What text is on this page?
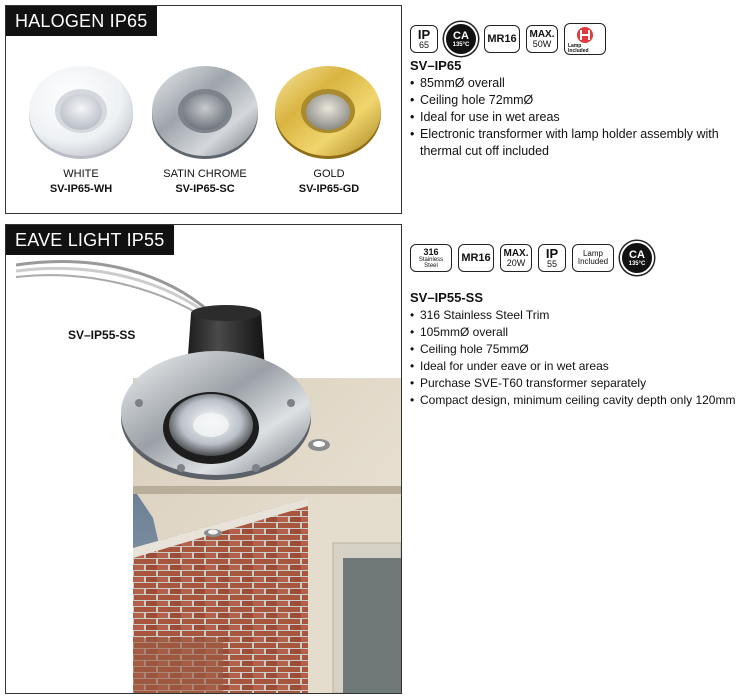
HALOGEN IP65
WHITE
SV-IP65-WH
SATIN CHROME
SV-IP65-SC
GOLD
SV-IP65-GD
IP
65
CA
135°C
MR16	MAX.
50W	Lamp Included
SV–IP65
• 85mmØ overall
• Ceiling hole 72mmØ
• Ideal for use in wet areas
• Electronic transformer with lamp holder assembly with thermal cut off included
EAVE LIGHT IP55
SV–IP55-SS
316
Stainless
Steel
MR16	MAX.
20W
IP
55
Lamp
Included
CA
135°C
SV–IP55-SS
• 316 Stainless Steel Trim
• 105mmØ overall
• Ceiling hole 75mmØ
• Ideal for under eave or in wet areas
• Purchase SVE-T60 transformer separately
• Compact design, minimum ceiling cavity depth only 120mm
